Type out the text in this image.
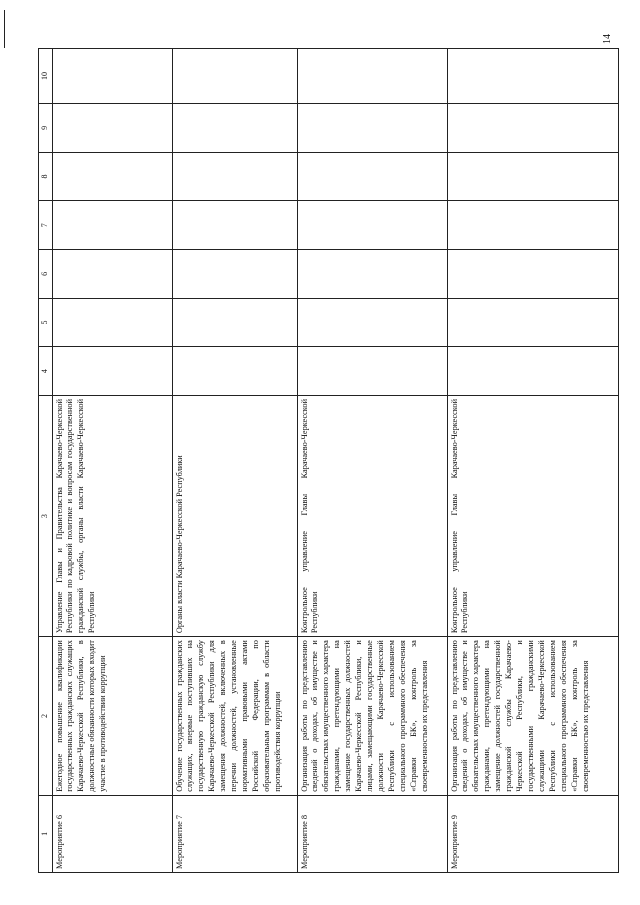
14
1	2	3	4	5	6	7	8	9	10
Мероприятие 6	Ежегодное повышение квалификации государственных гражданских служащих Карачаево-Черкесской Республики, в должностные обязанности которых входит участие в противодействии коррупции	Управление Главы и Правительства Карачаево-Черкесской Республики по кадровой политике и вопросам государственной гражданской службы, органы власти Карачаево-Черкесской Республики							
Мероприятие 7	Обучение государственных гражданских служащих, впервые поступивших на государственную гражданскую службу Карачаево-Черкесской Республики для замещения должностей, включенных в перечни должностей, установленные нормативными правовыми актами Российской Федерации, по образовательным программам в области противодействия коррупции	Органы власти Карачаево-Черкесской Республики							
Мероприятие 8	Организация работы по представлению сведений о доходах, об имуществе и обязательствах имущественного характера гражданами, претендующими на замещение государственных должностей Карачаево-Черкесской Республики, и лицами, замещающими государственные должности Карачаево-Черкесской Республики с использованием специального программного обеспечения «Справки БК», контроль за своевременностью их представления	Контрольное управление Главы Карачаево-Черкесской Республики							
Мероприятие 9	Организация работы по представлению сведений о доходах, об имуществе и обязательствах имущественного характера гражданами, претендующими на замещение должностей государственной гражданской службы Карачаево-Черкесской Республики, и государственными гражданскими служащими Карачаево-Черкесской Республики с использованием специального программного обеспечения «Справки БК», контроль за своевременностью их представления	Контрольное управление Главы Карачаево-Черкесской Республики							
